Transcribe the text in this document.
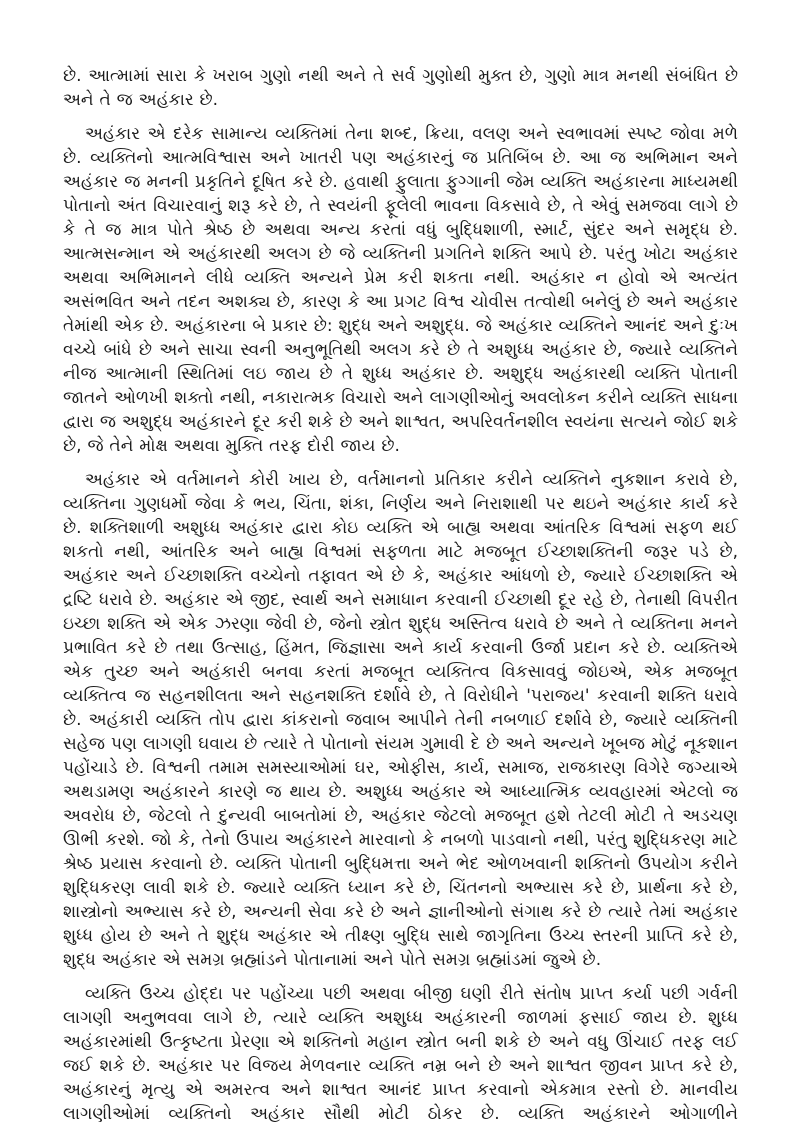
છે. આત્મામાં સારા કે ખરાબ ગુણો નથી અને તે સર્વ ગુણોથી મુક્ત છે, ગુણો માત્ર મનથી સંબંધિત છે અને તે જ અહંકાર છે.

અહંકાર એ દરેક સામાન્ય વ્યક્તિમાં તેના શબ્દ, ક્રિયા, વલણ અને સ્વભાવમાં સ્પષ્ટ જોવા મળે છે. વ્યક્તિનો આત્મવિશ્વાસ અને ખાતરી પણ અહંકારનું જ પ્રતિબિંબ છે. આ જ અભિમાન અને અહંકાર જ મનની પ્રકૃતિને દૂષિત કરે છે. હવાથી ફુલાતા ફુગ્ગાની જેમ વ્યક્તિ અહંકારના માધ્યમથી પોતાનો અંત વિચારવાનું શરૂ કરે છે, તે સ્વયંની ફૂલેલી ભાવના વિકસાવે છે, તે એવું સમજવા લાગે છે કે તે જ માત્ર પોતે શ્રેષ્ઠ છે અથવા અન્ય કરતાં વધું બુદ્ધિશાળી, સ્માર્ટ, સુંદર અને સમૃદ્ધ છે. આત્મસન્માન એ અહંકારથી અલગ છે જે વ્યક્તિની પ્રગતિને શક્તિ આપે છે. પરંતુ ખોટા અહંકાર અથવા અભિમાનને લીધે વ્યક્તિ અન્યને પ્રેમ કરી શકતા નથી. અહંકાર ન હોવો એ અત્યંત અસંભવિત અને તદન અશક્ય છે, કારણ કે આ પ્રગટ વિશ્વ ચોવીસ તત્વોથી બનેલું છે અને અહંકાર તેમાંથી એક છે. અહંકારના બે પ્રકાર છે: શુદ્ધ અને અશુદ્ધ. જે અહંકાર વ્યક્તિને આનંદ અને દુઃખ વચ્ચે બાંધે છે અને સાચા સ્વની અનુભૂતિથી અલગ કરે છે તે અશુધ્ધ અહંકાર છે, જ્યારે વ્યક્તિને નીજ આત્માની સ્થિતિમાં લઇ જાય છે તે શુધ્ધ અહંકાર છે. અશુદ્ધ અહંકારથી વ્યક્તિ પોતાની જાતને ઓળખી શક્તો નથી, નકારાત્મક વિચારો અને લાગણીઓનું અવલોકન કરીને વ્યક્તિ સાધના દ્વારા જ અશુદ્ધ અહંકારને દૂર કરી શકે છે અને શાશ્વત, અપરિવર્તનશીલ સ્વયંના સત્યને જોઈ શકે છે, જે તેને મોક્ષ અથવા મુક્તિ તરફ દોરી જાય છે.

અહંકાર એ વર્તમાનને કોરી ખાય છે, વર્તમાનનો પ્રતિકાર કરીને વ્યક્તિને નુકશાન કરાવે છે, વ્યક્તિના ગુણધર્મો જેવા કે ભય, ચિંતા, શંકા, નિર્ણય અને નિરાશાથી પર થઇને અહંકાર કાર્ય કરે છે. શક્તિશાળી અશુધ્ધ અહંકાર દ્વારા કોઇ વ્યક્તિ એ બાહ્ય અથવા આંતરિક વિશ્વમાં સફળ થઈ શકતો નથી, આંતરિક અને બાહ્ય વિશ્વમાં સફળતા માટે મજબૂત ઈચ્છાશક્તિની જરૂર પડે છે, અહંકાર અને ઈચ્છાશક્તિ વચ્ચેનો તફાવત એ છે કે, અહંકાર આંધળો છે, જ્યારે ઈચ્છાશક્તિ એ દ્રષ્ટિ ધરાવે છે. અહંકાર એ જીદ, સ્વાર્થ અને સમાધાન કરવાની ઈચ્છાથી દૂર રહે છે, તેનાથી વિપરીત ઇચ્છા શક્તિ એ એક ઝરણા જેવી છે, જેનો સ્ત્રોત શુદ્ધ અસ્તિત્વ ધરાવે છે અને તે વ્યક્તિના મનને પ્રભાવિત કરે છે તથા ઉત્સાહ, હિંમત, જિજ્ઞાસા અને કાર્ય કરવાની ઉર્જા પ્રદાન કરે છે. વ્યક્તિએ એક તુચ્છ અને અહંકારી બનવા કરતાં મજબૂત વ્યક્તિત્વ વિકસાવવું જોઇએ, એક મજબૂત વ્યક્તિત્વ જ સહનશીલતા અને સહનશક્તિ દર્શાવે છે, તે વિરોધીને 'પરાજય' કરવાની શક્તિ ધરાવે છે. અહંકારી વ્યક્તિ તોપ દ્વારા કાંકરાનો જવાબ આપીને તેની નબળાઈ દર્શાવે છે, જ્યારે વ્યક્તિની સહેજ પણ લાગણી ઘવાય છે ત્યારે તે પોતાનો સંયમ ગુમાવી દે છે અને અન્યને ખૂબજ મોટું નૂકશાન પહોંચાડે છે. વિશ્વની તમામ સમસ્યાઓમાં ઘર, ઓફીસ, કાર્ય, સમાજ, રાજકારણ વિગેરે જગ્યાએ અથડામણ અહંકારને કારણે જ થાય છે. અશુધ્ધ અહંકાર એ આધ્યાત્મિક વ્યવહારમાં એટલો જ અવરોધ છે, જેટલો તે દુન્યવી બાબતોમાં છે, અહંકાર જેટલો મજબૂત હશે તેટલી મોટી તે અડચણ ઊભી કરશે. જો કે, તેનો ઉપાય અહંકારને મારવાનો કે નબળો પાડવાનો નથી, પરંતુ શુદ્ધિકરણ માટે શ્રેષ્ઠ પ્રયાસ કરવાનો છે. વ્યક્તિ પોતાની બુદ્ધિમત્તા અને ભેદ ઓળખવાની શક્તિનો ઉપયોગ કરીને શુદ્ધિકરણ લાવી શકે છે. જ્યારે વ્યક્તિ ધ્યાન કરે છે, ચિંતનનો અભ્યાસ કરે છે, પ્રાર્થના કરે છે, શાસ્ત્રોનો અભ્યાસ કરે છે, અન્યની સેવા કરે છે અને જ્ઞાનીઓનો સંગાથ કરે છે ત્યારે તેમાં અહંકાર શુધ્ધ હોય છે અને તે શુદ્ધ અહંકાર એ તીક્ષ્ણ બુદ્ધિ સાથે જાગૃતિના ઉચ્ચ સ્તરની પ્રાપ્તિ કરે છે, શુદ્ધ અહંકાર એ સમગ્ર બ્રહ્માંડને પોતાનામાં અને પોતે સમગ્ર બ્રહ્માંડમાં જુએ છે.

વ્યક્તિ ઉચ્ચ હોદ્દા પર પહોંચ્યા પછી અથવા બીજી ઘણી રીતે સંતોષ પ્રાપ્ત કર્યા પછી ગર્વની લાગણી અનુભવવા લાગે છે, ત્યારે વ્યક્તિ અશુધ્ધ અહંકારની જાળમાં ફસાઈ જાય છે. શુધ્ધ અહંકારમાંથી ઉત્કૃષ્ટતા પ્રેરણા એ શક્તિનો મહાન સ્ત્રોત બની શકે છે અને વધુ ઊંચાઈ તરફ લઈ જઈ શકે છે. અહંકાર પર વિજય મેળવનાર વ્યક્તિ નમ્ર બને છે અને શાશ્વત જીવન પ્રાપ્ત કરે છે, અહંકારનું મૃત્યુ એ અમરત્વ અને શાશ્વત આનંદ પ્રાપ્ત કરવાનો એકમાત્ર રસ્તો છે. માનવીય લાગણીઓમાં વ્યક્તિનો અહંકાર સૌથી મોટી ઠોકર છે. વ્યક્તિ અહંકારને ઓગાળીને
